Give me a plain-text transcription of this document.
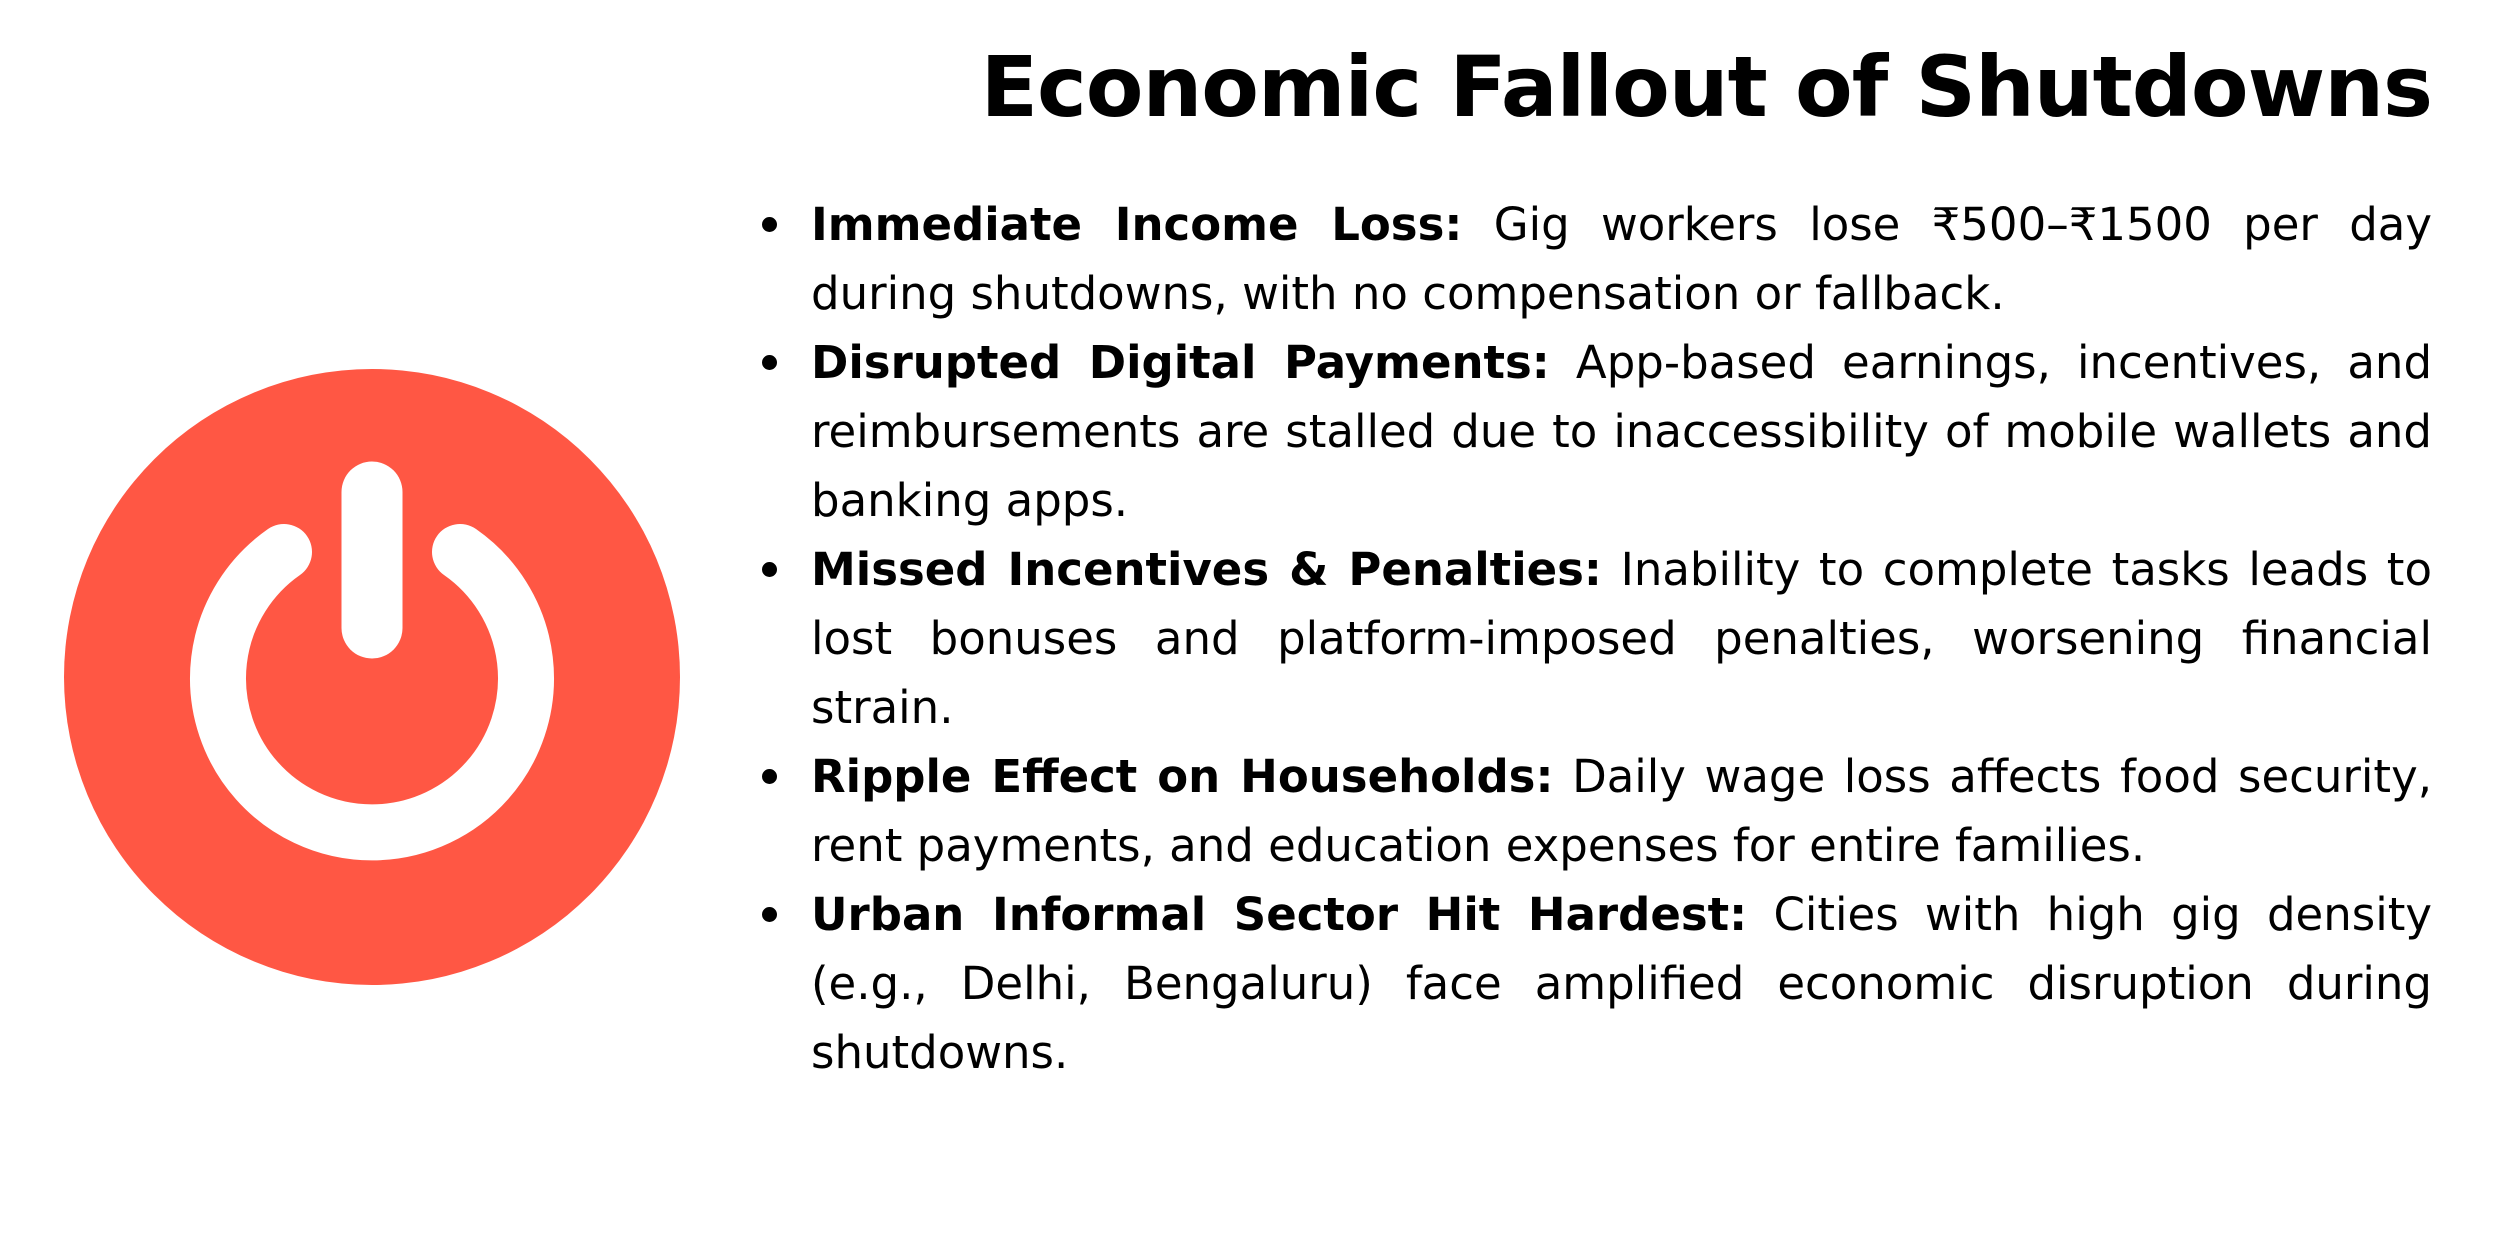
Economic Fallout of Shutdowns
Immediate Income Loss: Gig workers lose ₹500–₹1500 per day during shutdowns, with no compensation or fallback.
Disrupted Digital Payments: App-based earnings, incentives, and reimbursements are stalled due to inaccessibility of mobile wallets and banking apps.
Missed Incentives & Penalties: Inability to complete tasks leads to lost bonuses and platform-imposed penalties, worsening financial strain.
Ripple Effect on Households: Daily wage loss affects food security, rent payments, and education expenses for entire families.
Urban Informal Sector Hit Hardest: Cities with high gig density (e.g., Delhi, Bengaluru) face amplified economic disruption during shutdowns.
